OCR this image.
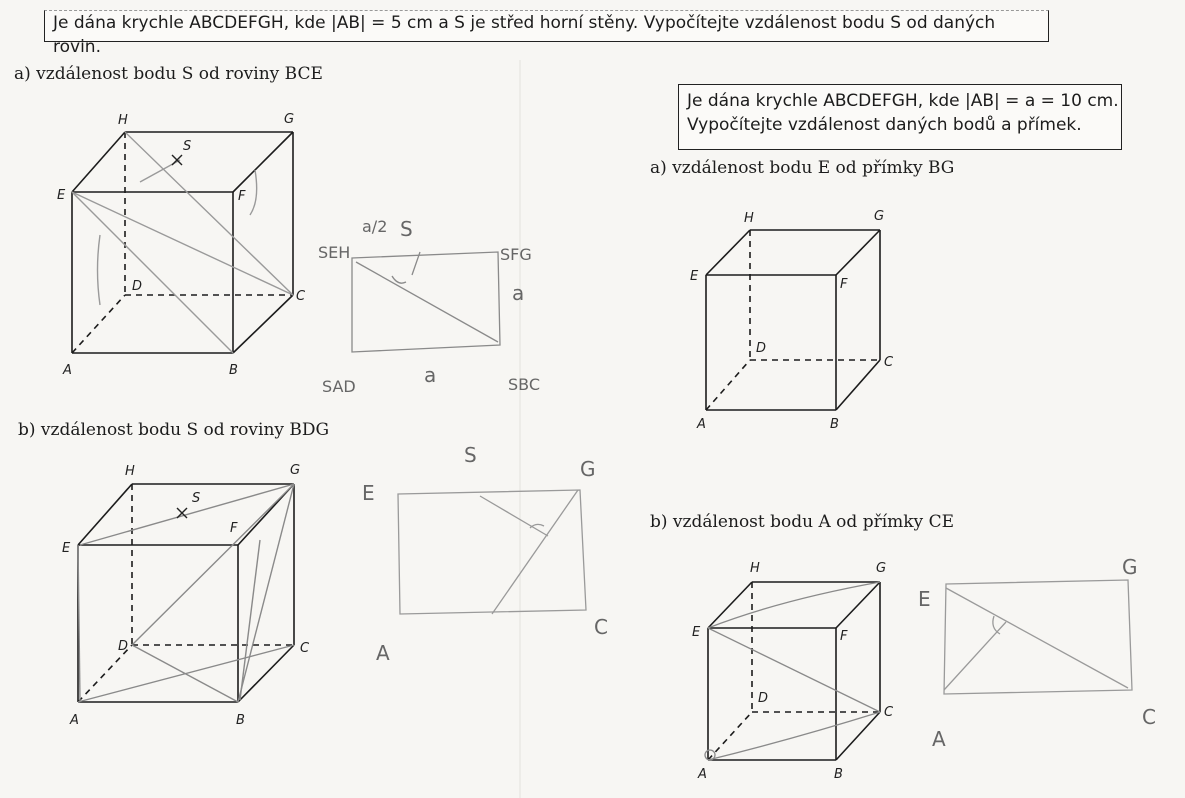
Je dána krychle ABCDEFGH, kde |AB| = 5 cm a S je střed horní stěny. Vypočítejte vzdálenost bodu S od daných rovin.
a) vzdálenost bodu S od roviny BCE
b) vzdálenost bodu S od roviny BDG
Je dána krychle ABCDEFGH, kde |AB| = a = 10 cm.
Vypočítejte vzdálenost daných bodů a přímek.
a) vzdálenost bodu E od přímky BG
b) vzdálenost bodu A od přímky CE
H	G
S
E	F
D
C
A	B
SEH
a/2 S
SFG
a
SAD	a	SBC
H	G
S
E
F
D	C
A	B
S
E
G
A
C
H	G
E
F
D
C
A	B
H	G
E	F
D
C
A	B
E
G
A
C
